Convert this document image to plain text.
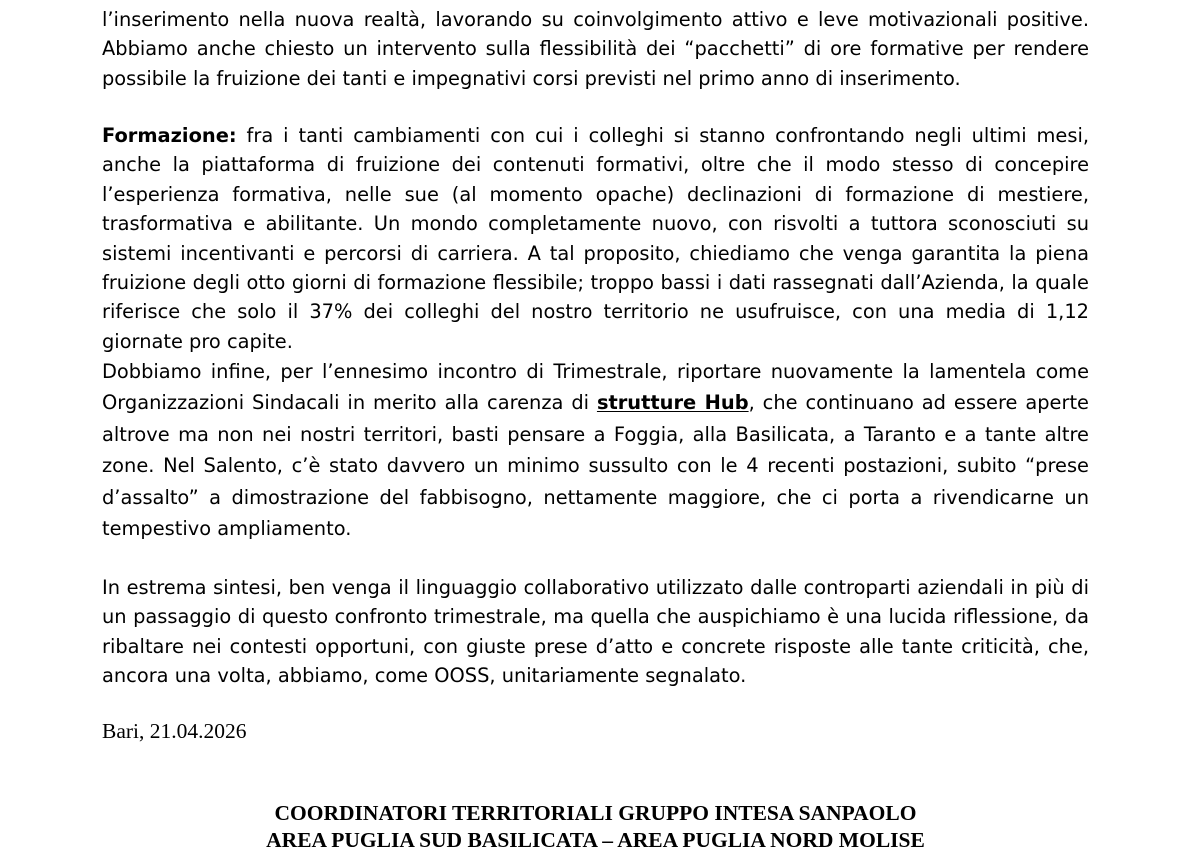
l’inserimento nella nuova realtà, lavorando su coinvolgimento attivo e leve motivazionali positive. Abbiamo anche chiesto un intervento sulla flessibilità dei “pacchetti” di ore formative per rendere possibile la fruizione dei tanti e impegnativi corsi previsti nel primo anno di inserimento.

Formazione: fra i tanti cambiamenti con cui i colleghi si stanno confrontando negli ultimi mesi, anche la piattaforma di fruizione dei contenuti formativi, oltre che il modo stesso di concepire l’esperienza formativa, nelle sue (al momento opache) declinazioni di formazione di mestiere, trasformativa e abilitante. Un mondo completamente nuovo, con risvolti a tuttora sconosciuti su sistemi incentivanti e percorsi di carriera. A tal proposito, chiediamo che venga garantita la piena fruizione degli otto giorni di formazione flessibile; troppo bassi i dati rassegnati dall’Azienda, la quale riferisce che solo il 37% dei colleghi del nostro territorio ne usufruisce, con una media di 1,12 giornate pro capite.

Dobbiamo infine, per l’ennesimo incontro di Trimestrale, riportare nuovamente la lamentela come Organizzazioni Sindacali in merito alla carenza di strutture Hub, che continuano ad essere aperte altrove ma non nei nostri territori, basti pensare a Foggia, alla Basilicata, a Taranto e a tante altre zone. Nel Salento, c’è stato davvero un minimo sussulto con le 4 recenti postazioni, subito “prese d’assalto” a dimostrazione del fabbisogno, nettamente maggiore, che ci porta a rivendicarne un tempestivo ampliamento.

In estrema sintesi, ben venga il linguaggio collaborativo utilizzato dalle controparti aziendali in più di un passaggio di questo confronto trimestrale, ma quella che auspichiamo è una lucida riflessione, da ribaltare nei contesti opportuni, con giuste prese d’atto e concrete risposte alle tante criticità, che, ancora una volta, abbiamo, come OOSS, unitariamente segnalato.

Bari, 21.04.2026

COORDINATORI TERRITORIALI GRUPPO INTESA SANPAOLO

AREA PUGLIA SUD BASILICATA – AREA PUGLIA NORD MOLISE
